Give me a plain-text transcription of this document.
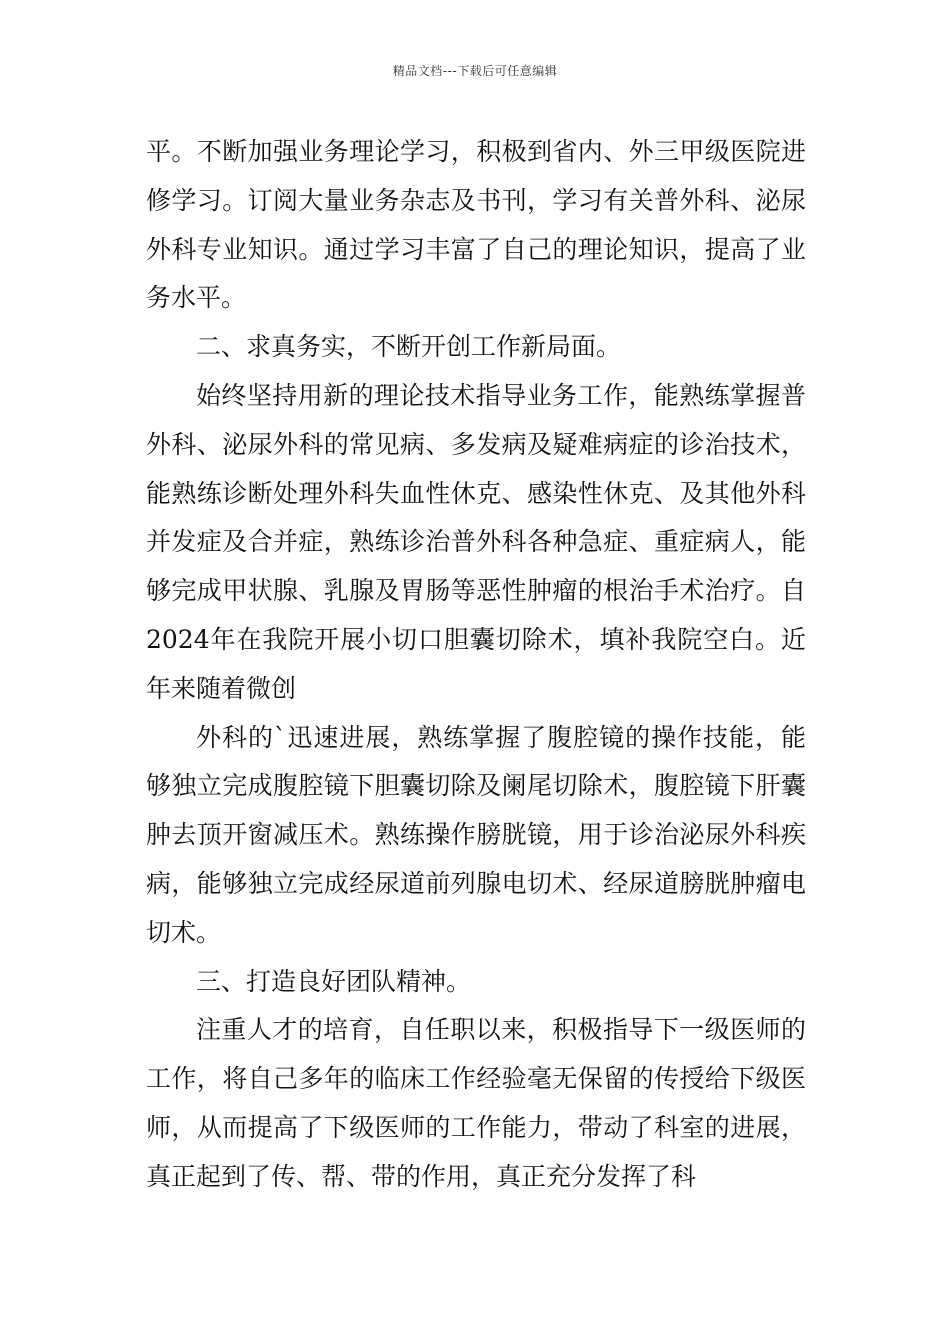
精品文档---下载后可任意编辑

平。不断加强业务理论学习，积极到省内、外三甲级医院进修学习。订阅大量业务杂志及书刊，学习有关普外科、泌尿外科专业知识。通过学习丰富了自己的理论知识，提高了业务水平。

二、求真务实，不断开创工作新局面。

始终坚持用新的理论技术指导业务工作，能熟练掌握普外科、泌尿外科的常见病、多发病及疑难病症的诊治技术，能熟练诊断处理外科失血性休克、感染性休克、及其他外科并发症及合并症，熟练诊治普外科各种急症、重症病人，能够完成甲状腺、乳腺及胃肠等恶性肿瘤的根治手术治疗。自2024年在我院开展小切口胆囊切除术，填补我院空白。近年来随着微创

外科的`迅速进展，熟练掌握了腹腔镜的操作技能，能够独立完成腹腔镜下胆囊切除及阑尾切除术，腹腔镜下肝囊肿去顶开窗减压术。熟练操作膀胱镜，用于诊治泌尿外科疾病，能够独立完成经尿道前列腺电切术、经尿道膀胱肿瘤电切术。

三、打造良好团队精神。

注重人才的培育，自任职以来，积极指导下一级医师的工作，将自己多年的临床工作经验毫无保留的传授给下级医师，从而提高了下级医师的工作能力，带动了科室的进展，真正起到了传、帮、带的作用，真正充分发挥了科
